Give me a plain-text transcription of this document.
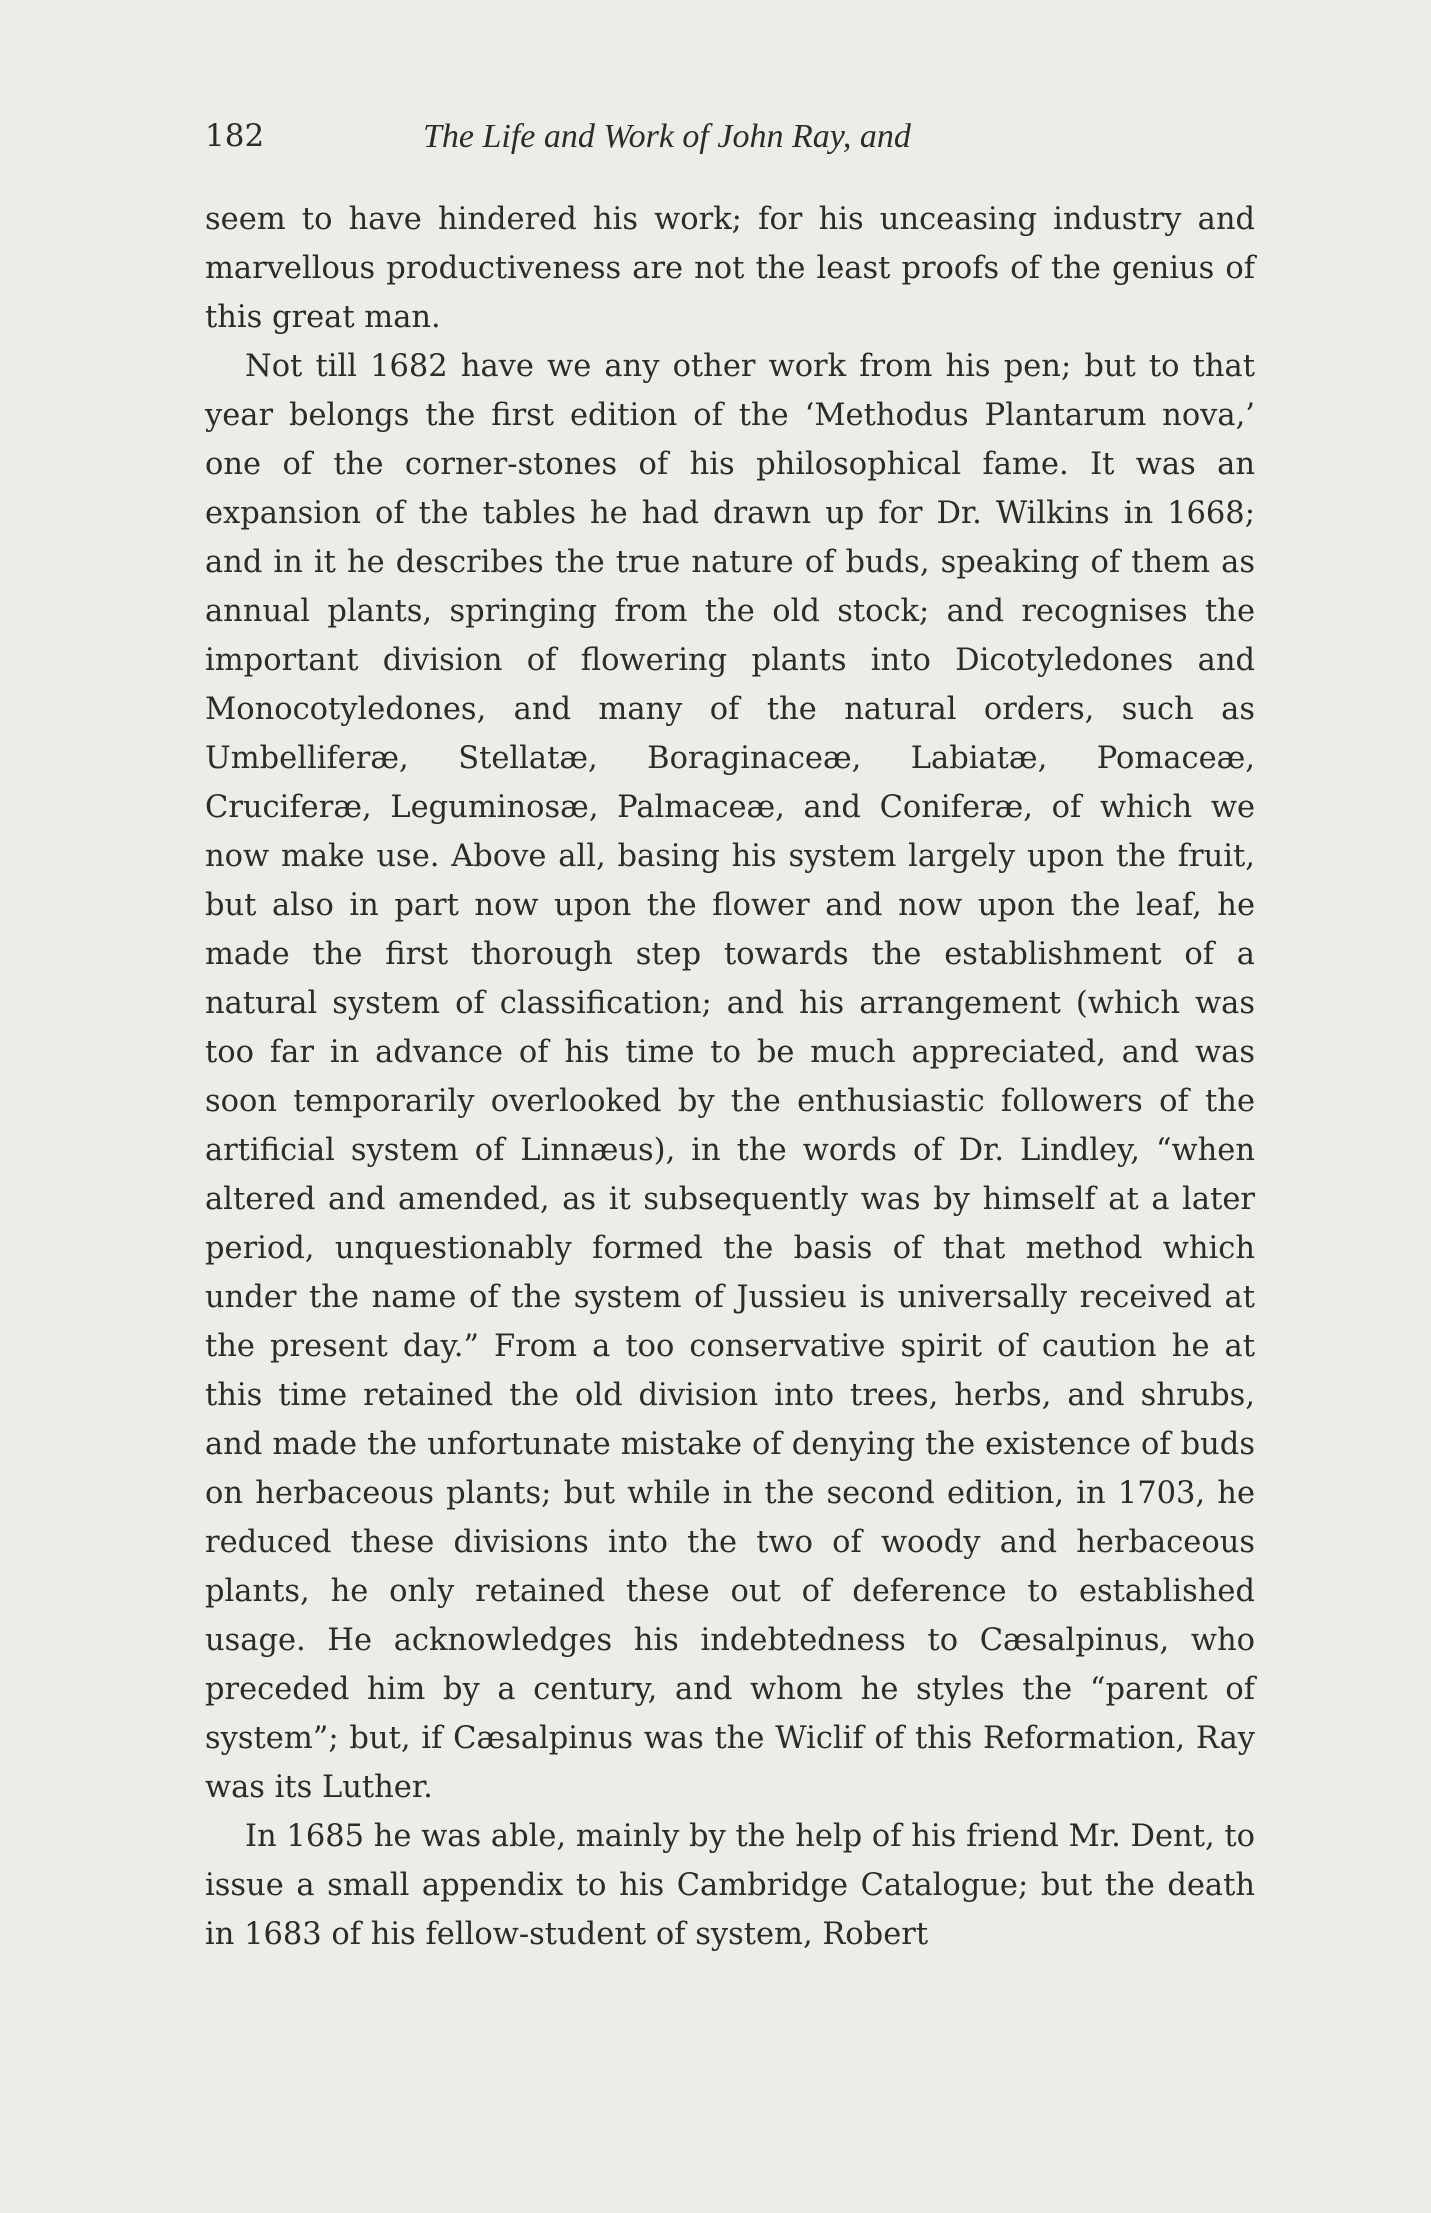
182	The Life and Work of John Ray, and

seem to have hindered his work; for his unceasing industry and marvellous productiveness are not the least proofs of the genius of this great man.

Not till 1682 have we any other work from his pen; but to that year belongs the first edition of the ‘Methodus Plantarum nova,’ one of the corner-stones of his philosophical fame. It was an expansion of the tables he had drawn up for Dr. Wilkins in 1668; and in it he describes the true nature of buds, speaking of them as annual plants, springing from the old stock; and recognises the important division of flowering plants into Dicotyledones and Monocotyledones, and many of the natural orders, such as Umbelliferæ, Stellatæ, Boraginaceæ, Labiatæ, Pomaceæ, Cruciferæ, Leguminosæ, Palmaceæ, and Coniferæ, of which we now make use. Above all, basing his system largely upon the fruit, but also in part now upon the flower and now upon the leaf, he made the first thorough step towards the establishment of a natural system of classification; and his arrangement (which was too far in advance of his time to be much appreciated, and was soon temporarily overlooked by the enthusiastic followers of the artificial system of Linnæus), in the words of Dr. Lindley, “when altered and amended, as it subsequently was by himself at a later period, unquestionably formed the basis of that method which under the name of the system of Jussieu is universally received at the present day.” From a too conservative spirit of caution he at this time retained the old division into trees, herbs, and shrubs, and made the unfortunate mistake of denying the existence of buds on herbaceous plants; but while in the second edition, in 1703, he reduced these divisions into the two of woody and herbaceous plants, he only retained these out of deference to established usage. He acknowledges his indebtedness to Cæsalpinus, who preceded him by a century, and whom he styles the “parent of system”; but, if Cæsalpinus was the Wiclif of this Reformation, Ray was its Luther.

In 1685 he was able, mainly by the help of his friend Mr. Dent, to issue a small appendix to his Cambridge Catalogue; but the death in 1683 of his fellow-student of system, Robert
